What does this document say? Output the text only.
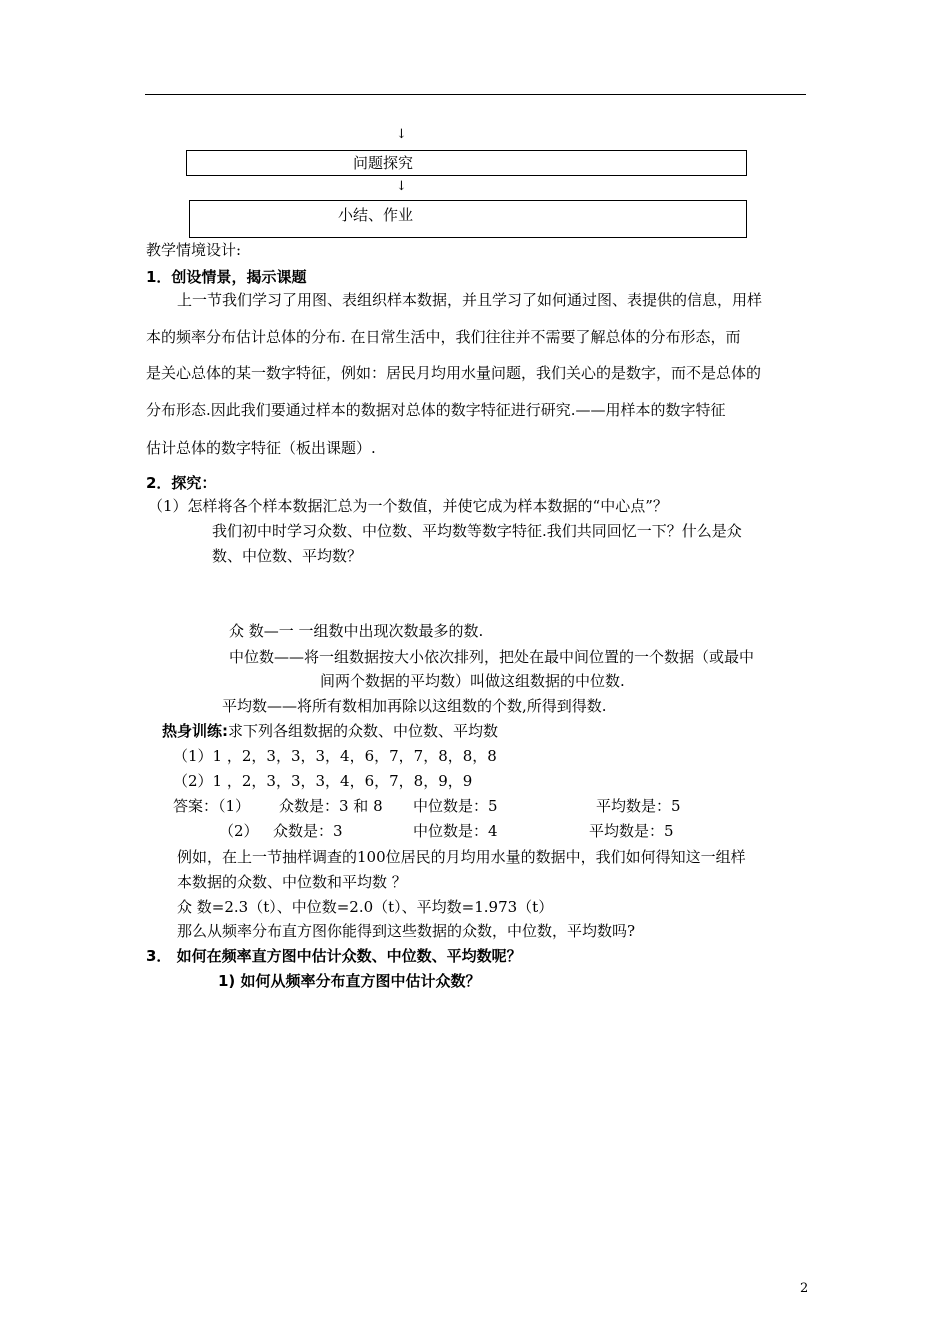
↓
问题探究
↓
小结、作业
教学情境设计:
1．创设情景，揭示课题
上一节我们学习了用图、表组织样本数据，并且学习了如何通过图、表提供的信息，用样
本的频率分布估计总体的分布. 在日常生活中，我们往往并不需要了解总体的分布形态，而
是关心总体的某一数字特征，例如：居民月均用水量问题，我们关心的是数字，而不是总体的
分布形态.因此我们要通过样本的数据对总体的数字特征进行研究.——用样本的数字特征
估计总体的数字特征（板出课题）.
2．探究：
（1）怎样将各个样本数据汇总为一个数值，并使它成为样本数据的“中心点”？
我们初中时学习众数、中位数、平均数等数字特征.我们共同回忆一下？什么是众
数、中位数、平均数？
众 数—一 一组数中出现次数最多的数.
中位数——将一组数据按大小依次排列，把处在最中间位置的一个数据（或最中
间两个数据的平均数）叫做这组数据的中位数.
平均数——将所有数相加再除以这组数的个数,所得到得数.
热身训练:求下列各组数据的众数、中位数、平均数
（1）1 ，2，3，3，3，4，6，7，7，8，8，8
（2）1 ，2，3，3，3，4，6，7，8，9，9
答案：（1） 众数是：3 和 8 中位数是：5	平均数是：5
（2） 众数是：3	中位数是：4	平均数是：5
例如，在上一节抽样调查的100位居民的月均用水量的数据中，我们如何得知这一组样
本数据的众数、中位数和平均数 ？
众 数=2.3（t）、中位数=2.0（t）、平均数=1.973（t）
那么从频率分布直方图你能得到这些数据的众数，中位数，平均数吗?
3． 如何在频率直方图中估计众数、中位数、平均数呢？
1) 如何从频率分布直方图中估计众数？
2
